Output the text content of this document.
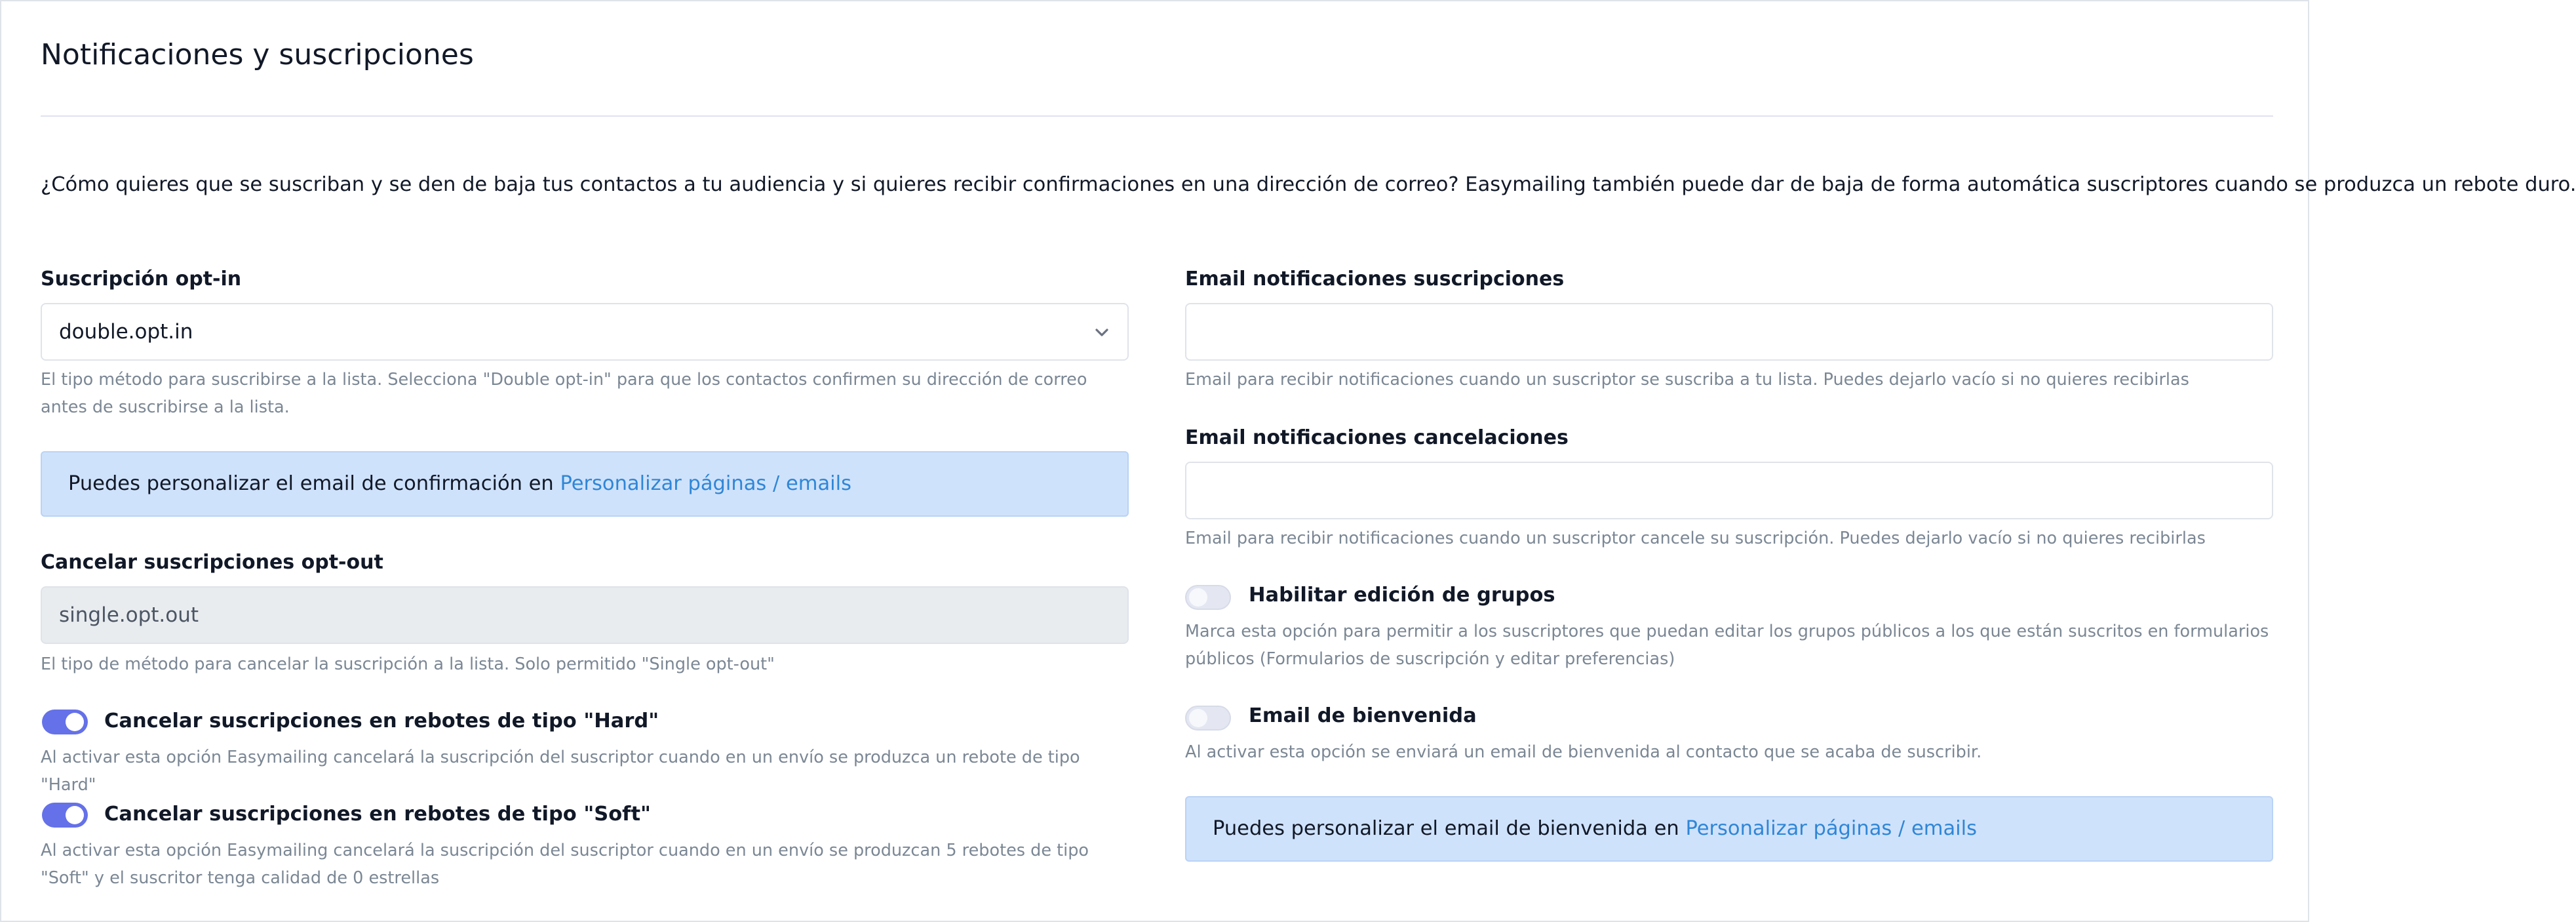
Notificaciones y suscripciones
¿Cómo quieres que se suscriban y se den de baja tus contactos a tu audiencia y si quieres recibir confirmaciones en una dirección de correo? Easymailing también puede dar de baja de forma automática suscriptores cuando se produzca un rebote duro.
Suscripción opt-in
double.opt.in
El tipo método para suscribirse a la lista. Selecciona "Double opt-in" para que los contactos confirmen su dirección de correo antes de suscribirse a la lista.
Puedes personalizar el email de confirmación en Personalizar páginas / emails
Cancelar suscripciones opt-out
single.opt.out
El tipo de método para cancelar la suscripción a la lista. Solo permitido "Single opt-out"
Cancelar suscripciones en rebotes de tipo "Hard"
Al activar esta opción Easymailing cancelará la suscripción del suscriptor cuando en un envío se produzca un rebote de tipo "Hard"
Cancelar suscripciones en rebotes de tipo "Soft"
Al activar esta opción Easymailing cancelará la suscripción del suscriptor cuando en un envío se produzcan 5 rebotes de tipo "Soft" y el suscritor tenga calidad de 0 estrellas
Email notificaciones suscripciones
Email para recibir notificaciones cuando un suscriptor se suscriba a tu lista. Puedes dejarlo vacío si no quieres recibirlas
Email notificaciones cancelaciones
Email para recibir notificaciones cuando un suscriptor cancele su suscripción. Puedes dejarlo vacío si no quieres recibirlas
Habilitar edición de grupos
Marca esta opción para permitir a los suscriptores que puedan editar los grupos públicos a los que están suscritos en formularios públicos (Formularios de suscripción y editar preferencias)
Email de bienvenida
Al activar esta opción se enviará un email de bienvenida al contacto que se acaba de suscribir.
Puedes personalizar el email de bienvenida en Personalizar páginas / emails
